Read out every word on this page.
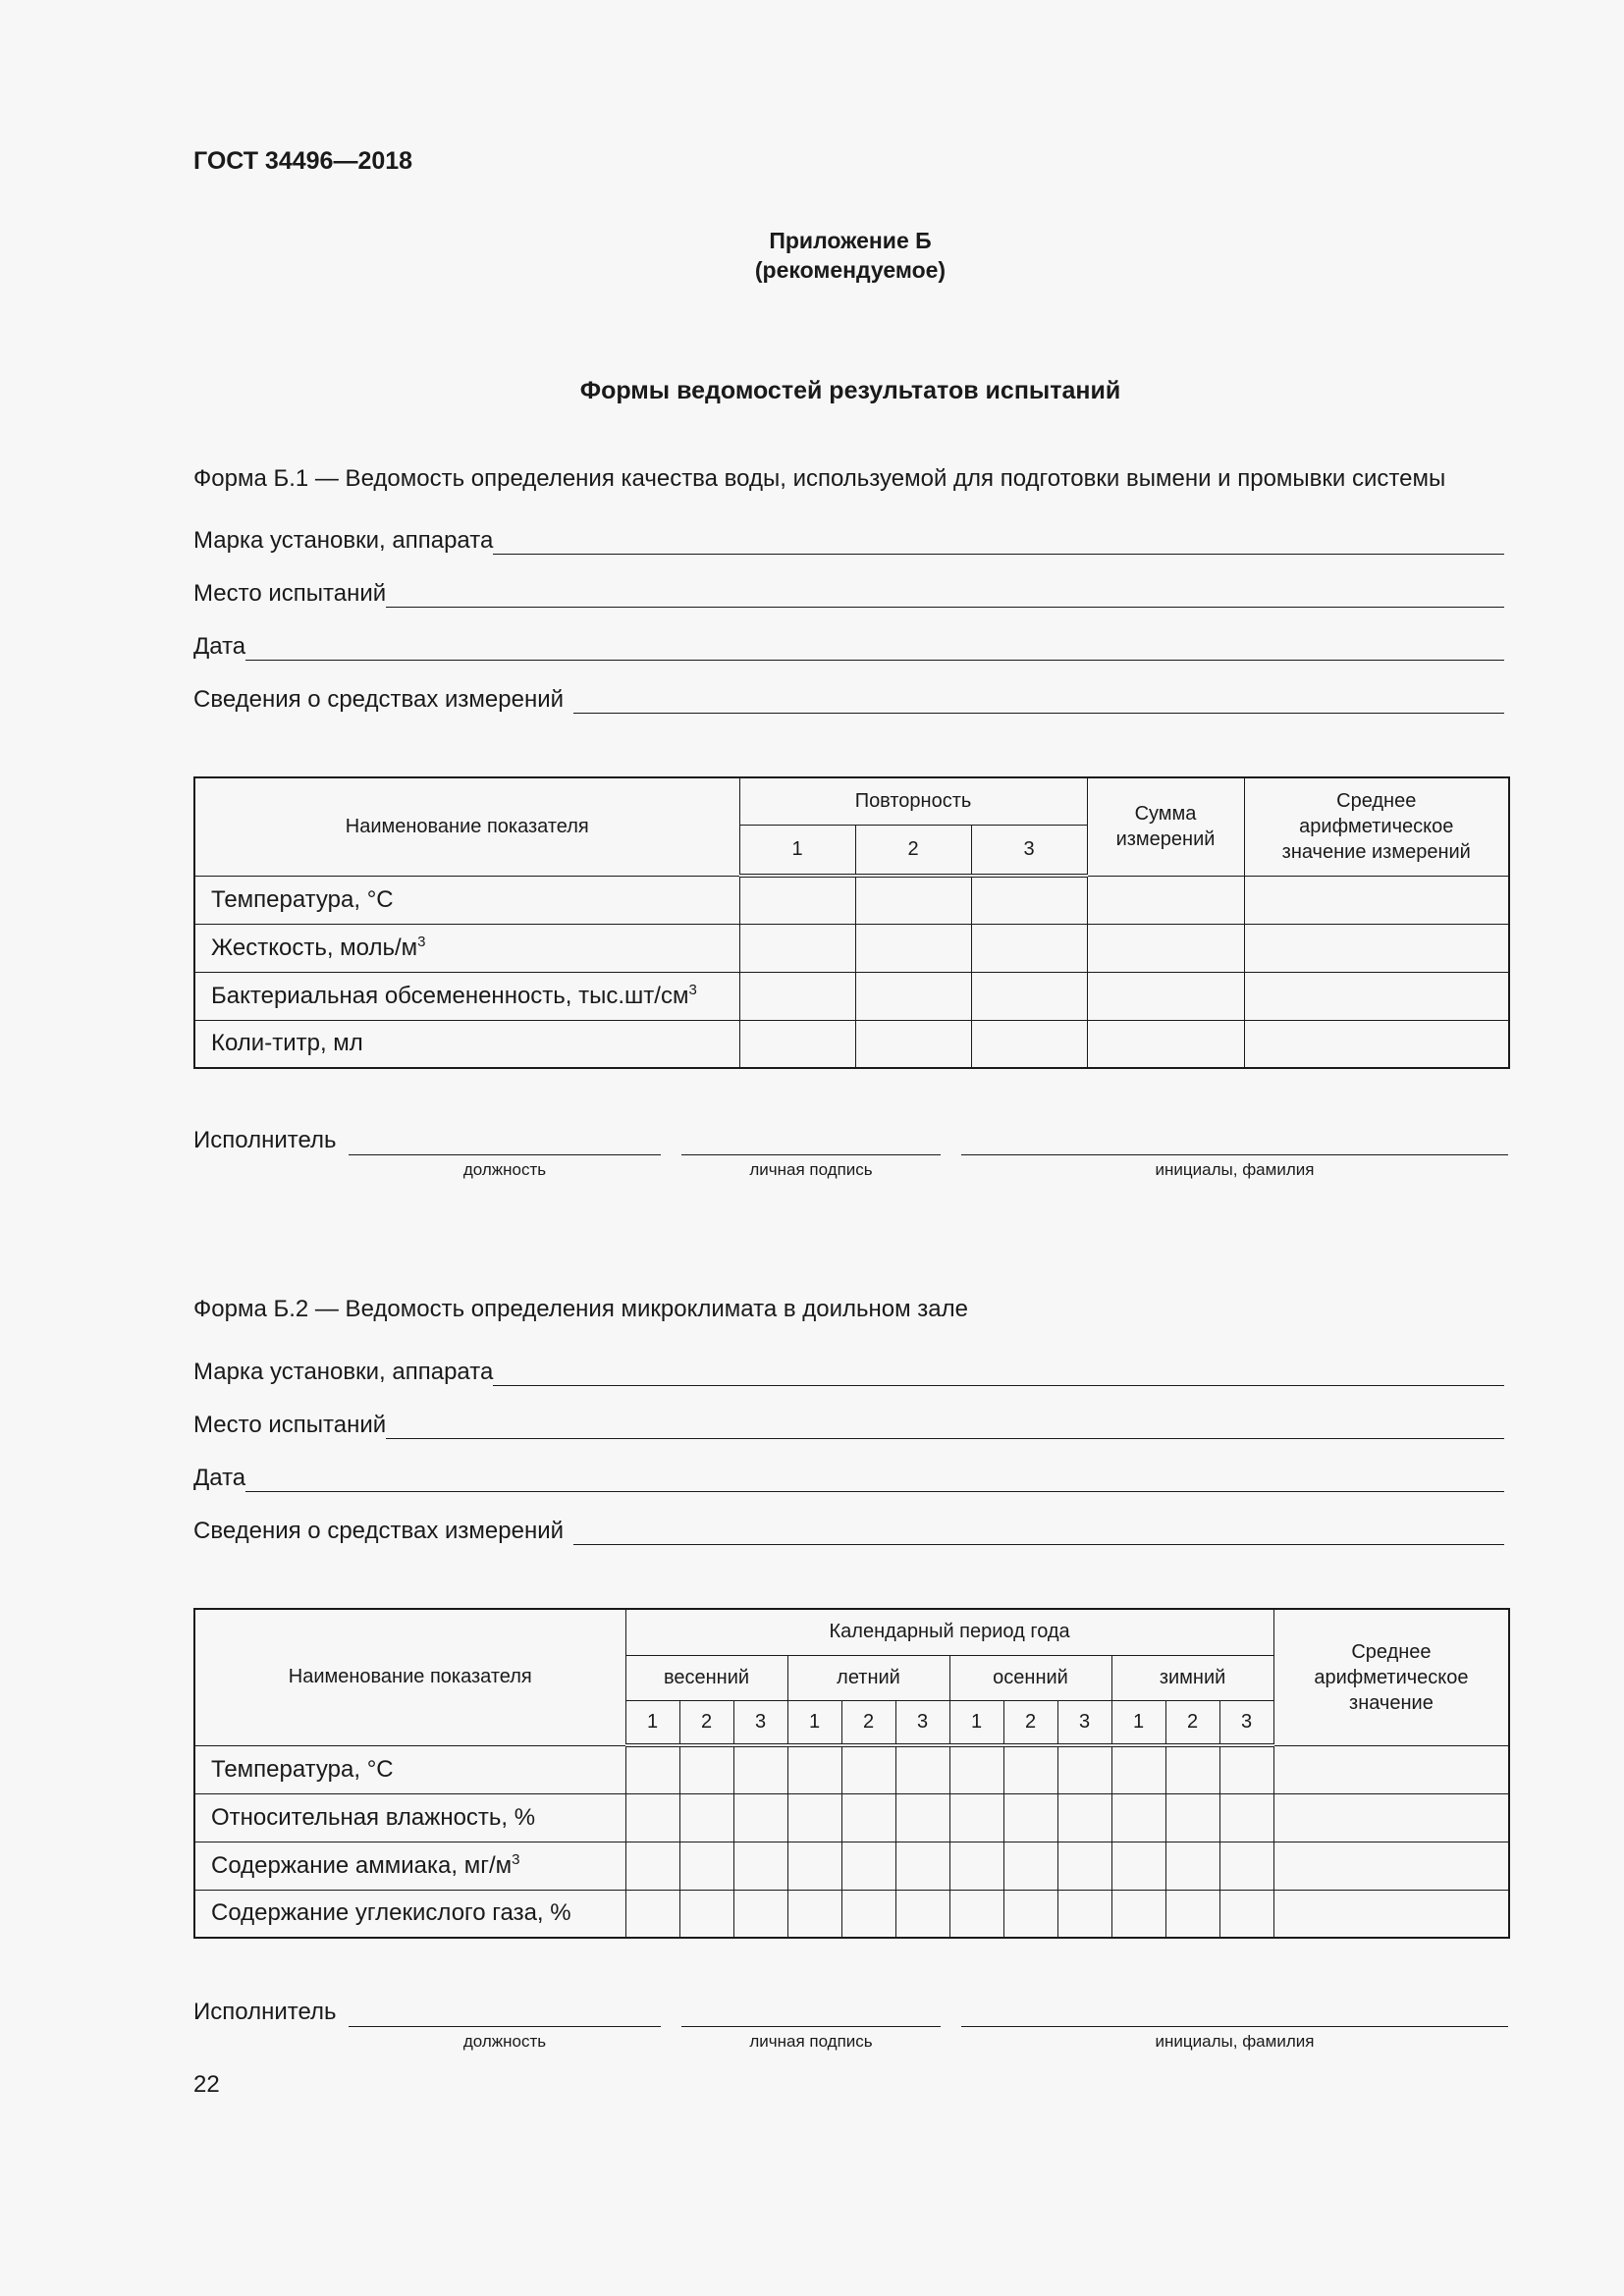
ГОСТ 34496—2018
Приложение Б
(рекомендуемое)
Формы ведомостей результатов испытаний
Форма Б.1 — Ведомость определения качества воды, используемой для подготовки вымени и промывки системы
Марка установки, аппарата
Место испытаний
Дата
Сведения о средствах измерений
Наименование показателя	Повторность			Сумма измерений	Среднее арифметическое значение измерений

	1	2	3		
Температура, °С					
Жесткость, моль/$м^3$					
Бактериальная обсемененность, $тыс.шт/см^3$					
Коли-титр, мл					
Исполнитель
должность	личная подпись	инициалы, фамилия
Форма Б.2 — Ведомость определения микроклимата в доильном зале
Марка установки, аппарата
Место испытаний
Дата
Сведения о средствах измерений
Наименование показателя	Календарный период года												Среднее арифметическое значение

	весенний			летний			осенний			зимний			
	1	2	3	1	2	3	1	2	3	1	2	3	
Температура, °С													
Относительная влажность, %													
Содержание аммиака, $мг/м^3$													
Содержание углекислого газа, %													
Исполнитель
должность	личная подпись	инициалы, фамилия
22
